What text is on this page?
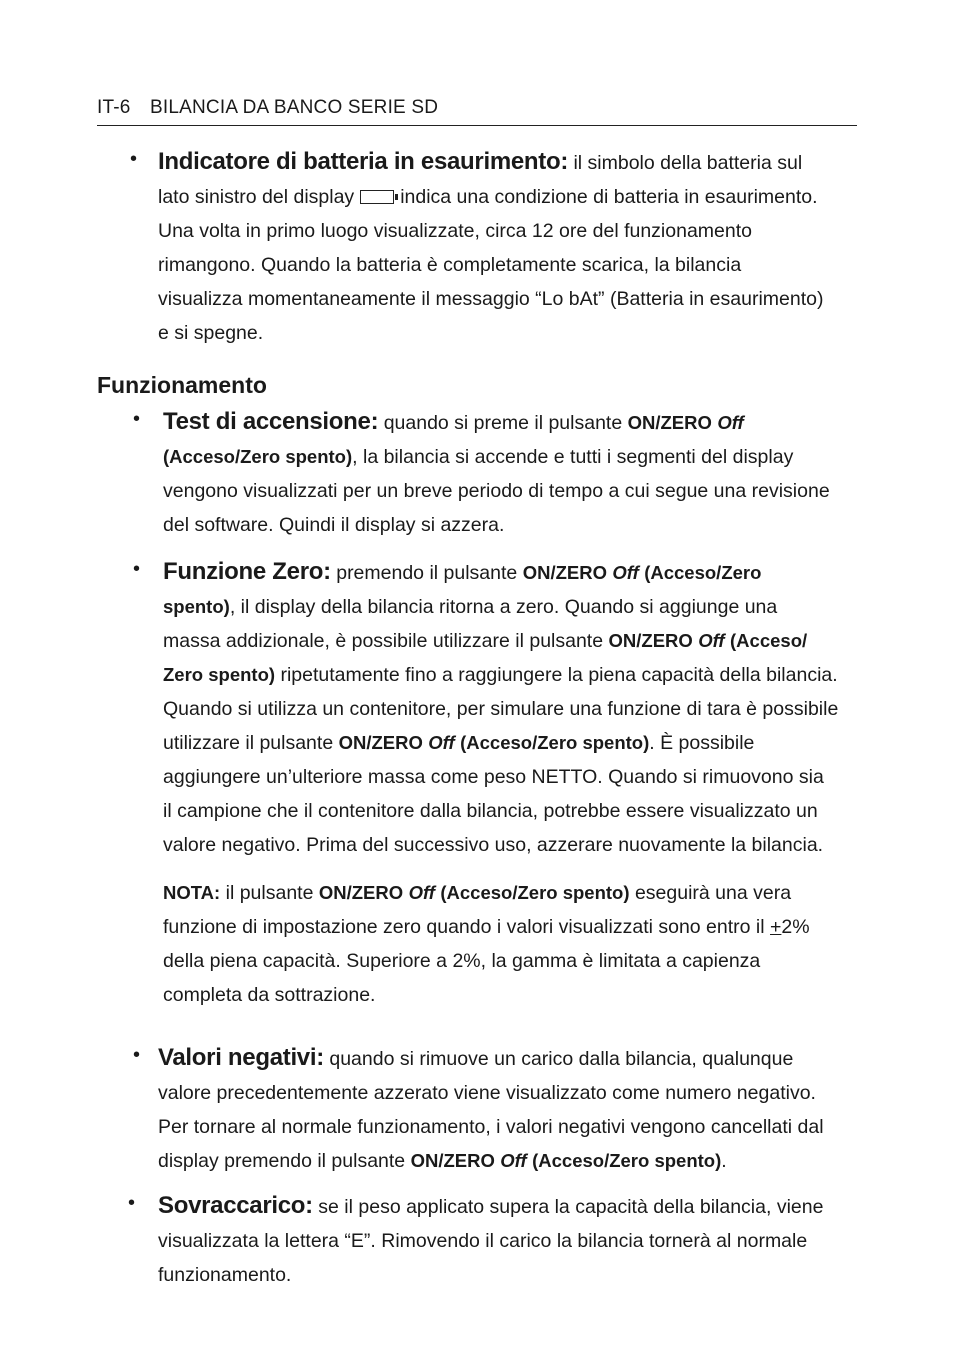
IT-6 BILANCIA DA BANCO SERIE SD
• Indicatore di batteria in esaurimento: il simbolo della batteria sul
lato sinistro del display indica una condizione di batteria in esaurimento.
Una volta in primo luogo visualizzate, circa 12 ore del funzionamento
rimangono. Quando la batteria è completamente scarica, la bilancia
visualizza momentaneamente il messaggio “Lo bAt” (Batteria in esaurimento)
e si spegne.
Funzionamento
• Test di accensione: quando si preme il pulsante ON/ZERO Off
(Acceso/Zero spento), la bilancia si accende e tutti i segmenti del display
vengono visualizzati per un breve periodo di tempo a cui segue una revisione
del software. Quindi il display si azzera.
• Funzione Zero: premendo il pulsante ON/ZERO Off (Acceso/Zero
spento), il display della bilancia ritorna a zero. Quando si aggiunge una
massa addizionale, è possibile utilizzare il pulsante ON/ZERO Off (Acceso/
Zero spento) ripetutamente fino a raggiungere la piena capacità della bilancia.
Quando si utilizza un contenitore, per simulare una funzione di tara è possibile
utilizzare il pulsante ON/ZERO Off (Acceso/Zero spento). È possibile
aggiungere un’ulteriore massa come peso NETTO. Quando si rimuovono sia
il campione che il contenitore dalla bilancia, potrebbe essere visualizzato un
valore negativo. Prima del successivo uso, azzerare nuovamente la bilancia.
NOTA: il pulsante ON/ZERO Off (Acceso/Zero spento) eseguirà una vera
funzione di impostazione zero quando i valori visualizzati sono entro il +2%
della piena capacità. Superiore a 2%, la gamma è limitata a capienza
completa da sottrazione.
• Valori negativi: quando si rimuove un carico dalla bilancia, qualunque
valore precedentemente azzerato viene visualizzato come numero negativo.
Per tornare al normale funzionamento, i valori negativi vengono cancellati dal
display premendo il pulsante ON/ZERO Off (Acceso/Zero spento).
• Sovraccarico: se il peso applicato supera la capacità della bilancia, viene
visualizzata la lettera “E”. Rimovendo il carico la bilancia tornerà al normale
funzionamento.
